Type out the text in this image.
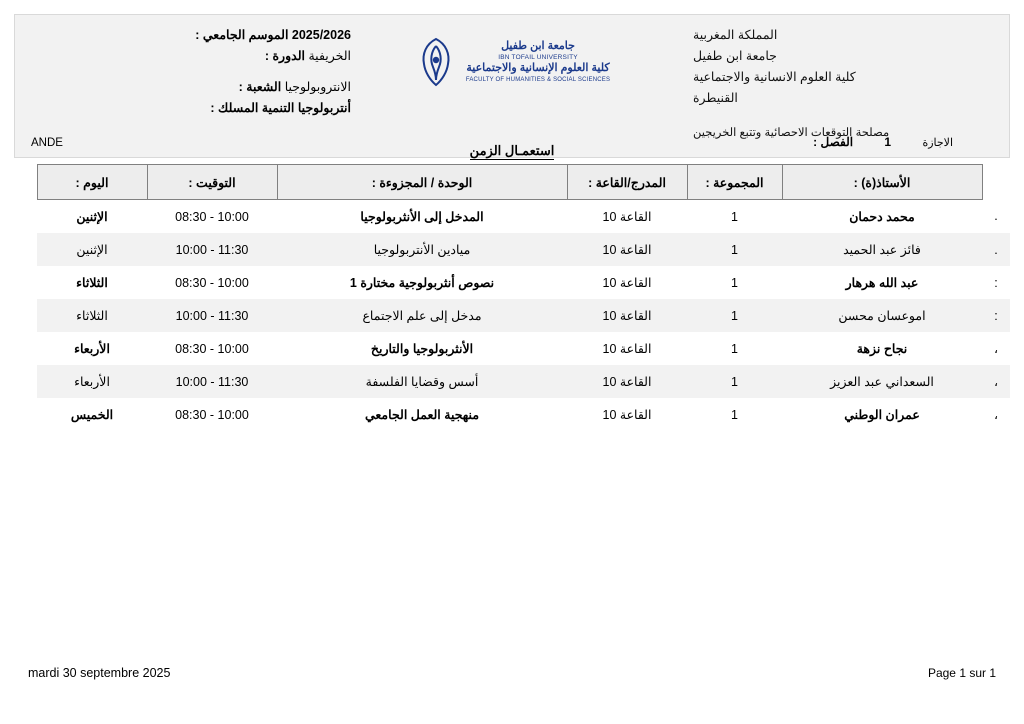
المملكة المغربية
جامعة ابن طفيل
كلية العلوم الانسانية والاجتماعية
القنيطرة
مصلحة التوقعات الاحصائية وتتبع الخريجين
جامعة ابن طفيل
IBN TOFAIL UNIVERSITY
كلية العلوم الإنسانية والاجتماعية
FACULTY OF HUMANITIES & SOCIAL SCIENCES
2025/2026 الموسم الجامعي :
الخريفية الدورة :
الانتروبولوجيا الشعبة :
أنتربولوجيا التنمية المسلك :
استعمـال الزمن
ANDE	الاجازة 1 الفصل :
	الأستاذ(ة) :	المجموعة :	المدرج/القاعة :	الوحدة / المجزوءة :	التوقيت :	اليوم :
.	محمد دحمان	1	القاعة 10	المدخل إلى الأنثربولوجيا	08:30 - 10:00	الإثنين
.	فائز عبد الحميد	1	القاعة 10	ميادين الأنتربولوجيا	10:00 - 11:30	الإثنين
:	عبد الله هرهار	1	القاعة 10	نصوص أنثربولوجية مختارة 1	08:30 - 10:00	الثلاثاء
:	اموعسان محسن	1	القاعة 10	مدخل إلى علم الاجتماع	10:00 - 11:30	الثلاثاء
،	نجاح نزهة	1	القاعة 10	الأنثربولوجيا والتاريخ	08:30 - 10:00	الأربعاء
،	السعداني عبد العزيز	1	القاعة 10	أسس وقضايا الفلسفة	10:00 - 11:30	الأربعاء
،	عمران الوطني	1	القاعة 10	منهجية العمل الجامعي	08:30 - 10:00	الخميس
mardi 30 septembre 2025	Page 1 sur 1
